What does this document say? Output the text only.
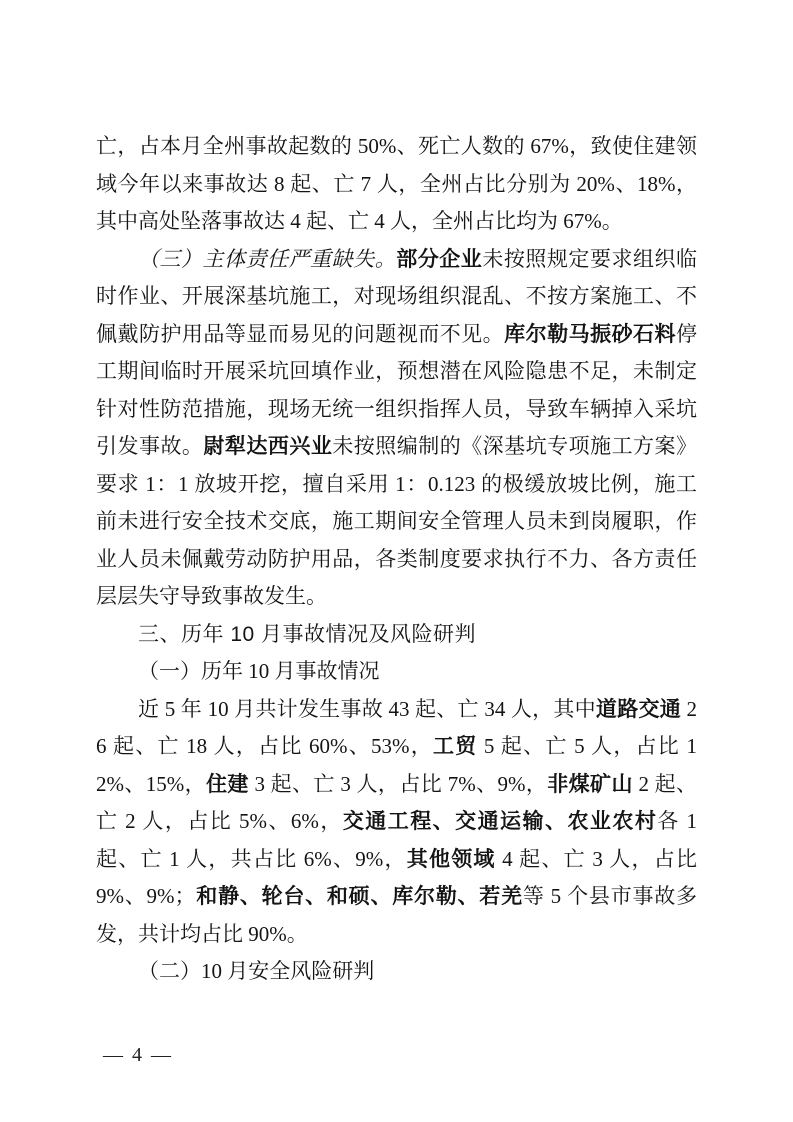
亡，占本月全州事故起数的 50%、死亡人数的 67%，致使住建领域今年以来事故达 8 起、亡 7 人，全州占比分别为 20%、18%，其中高处坠落事故达 4 起、亡 4 人，全州占比均为 67%。

（三）主体责任严重缺失。部分企业未按照规定要求组织临时作业、开展深基坑施工，对现场组织混乱、不按方案施工、不佩戴防护用品等显而易见的问题视而不见。库尔勒马振砂石料停工期间临时开展采坑回填作业，预想潜在风险隐患不足，未制定针对性防范措施，现场无统一组织指挥人员，导致车辆掉入采坑引发事故。尉犁达西兴业未按照编制的《深基坑专项施工方案》要求 1：1 放坡开挖，擅自采用 1：0.123 的极缓放坡比例，施工前未进行安全技术交底，施工期间安全管理人员未到岗履职，作业人员未佩戴劳动防护用品，各类制度要求执行不力、各方责任层层失守导致事故发生。

三、历年 10 月事故情况及风险研判

（一）历年 10 月事故情况

近 5 年 10 月共计发生事故 43 起、亡 34 人，其中道路交通 26 起、亡 18 人，占比 60%、53%，工贸 5 起、亡 5 人，占比 12%、15%，住建 3 起、亡 3 人，占比 7%、9%，非煤矿山 2 起、亡 2 人，占比 5%、6%，交通工程、交通运输、农业农村各 1 起、亡 1 人，共占比 6%、9%，其他领域 4 起、亡 3 人，占比 9%、9%；和静、轮台、和硕、库尔勒、若羌等 5 个县市事故多发，共计均占比 90%。

（二）10 月安全风险研判

— 4 —
